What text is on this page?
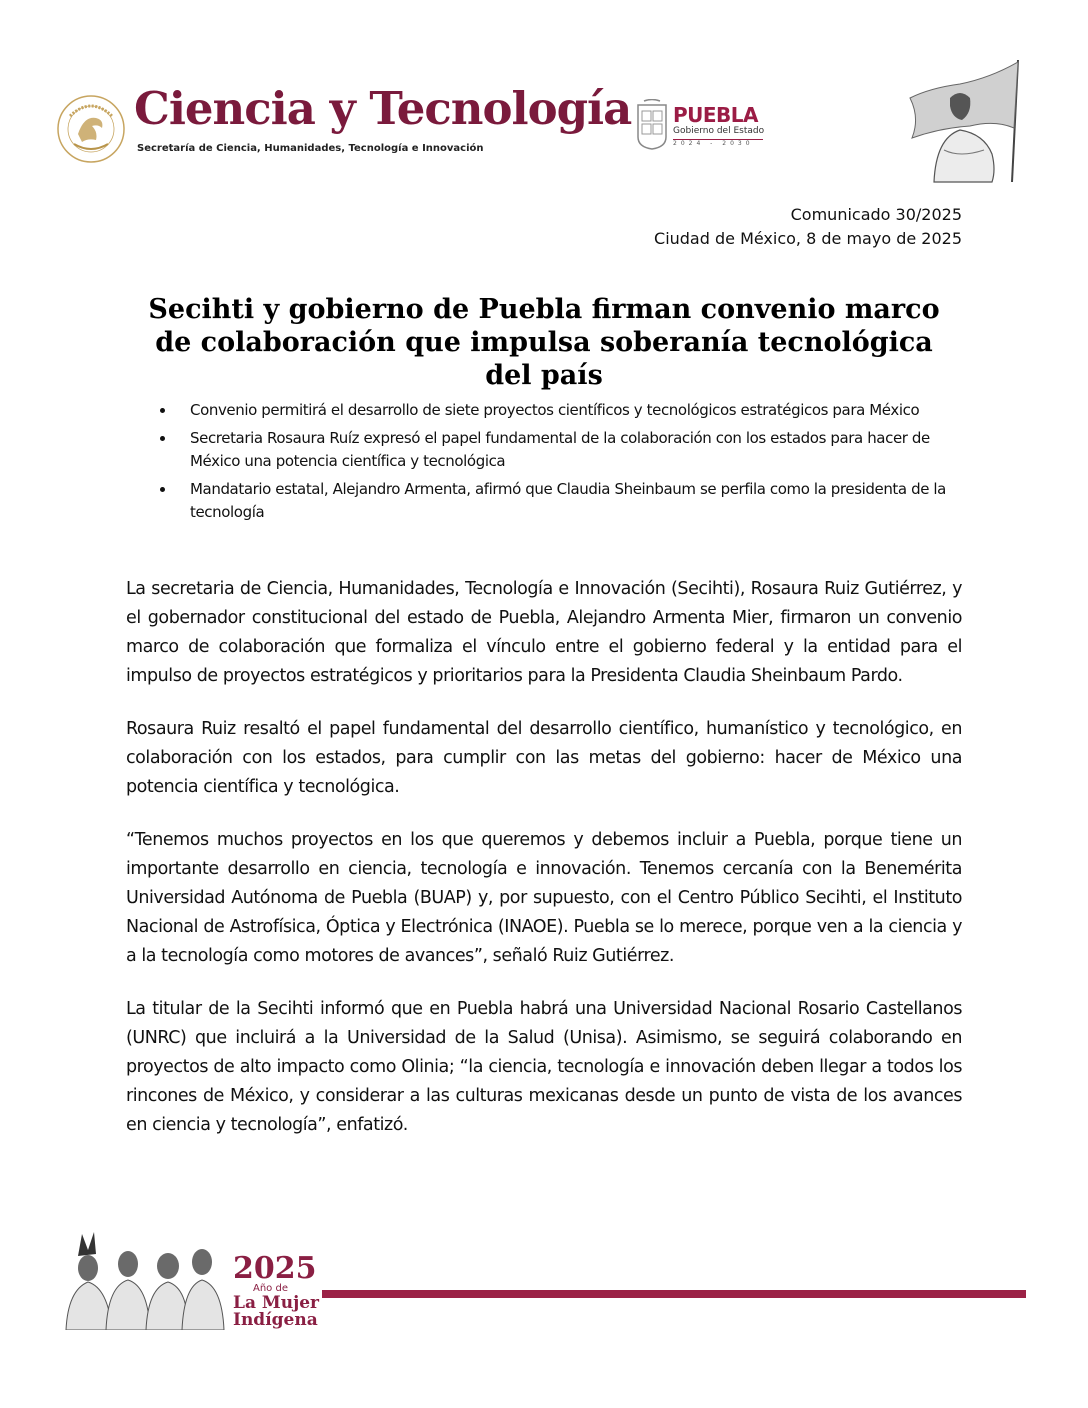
Ciencia y Tecnología
Secretaría de Ciencia, Humanidades, Tecnología e Innovación
PUEBLA
Gobierno del Estado
2024 - 2030
Comunicado 30/2025
Ciudad de México, 8 de mayo de 2025
Secihti y gobierno de Puebla firman convenio marco de colaboración que impulsa soberanía tecnológica del país
Convenio permitirá el desarrollo de siete proyectos científicos y tecnológicos estratégicos para México
Secretaria Rosaura Ruíz expresó el papel fundamental de la colaboración con los estados para hacer de México una potencia científica y tecnológica
Mandatario estatal, Alejandro Armenta, afirmó que Claudia Sheinbaum se perfila como la presidenta de la tecnología

La secretaria de Ciencia, Humanidades, Tecnología e Innovación (Secihti), Rosaura Ruiz Gutiérrez, y el gobernador constitucional del estado de Puebla, Alejandro Armenta Mier, firmaron un convenio marco de colaboración que formaliza el vínculo entre el gobierno federal y la entidad para el impulso de proyectos estratégicos y prioritarios para la Presidenta Claudia Sheinbaum Pardo.

Rosaura Ruiz resaltó el papel fundamental del desarrollo científico, humanístico y tecnológico, en colaboración con los estados, para cumplir con las metas del gobierno: hacer de México una potencia científica y tecnológica.

“Tenemos muchos proyectos en los que queremos y debemos incluir a Puebla, porque tiene un importante desarrollo en ciencia, tecnología e innovación. Tenemos cercanía con la Benemérita Universidad Autónoma de Puebla (BUAP) y, por supuesto, con el Centro Público Secihti, el Instituto Nacional de Astrofísica, Óptica y Electrónica (INAOE). Puebla se lo merece, porque ven a la ciencia y a la tecnología como motores de avances”, señaló Ruiz Gutiérrez.

La titular de la Secihti informó que en Puebla habrá una Universidad Nacional Rosario Castellanos (UNRC) que incluirá a la Universidad de la Salud (Unisa). Asimismo, se seguirá colaborando en proyectos de alto impacto como Olinia; “la ciencia, tecnología e innovación deben llegar a todos los rincones de México, y considerar a las culturas mexicanas desde un punto de vista de los avances en ciencia y tecnología”, enfatizó.

2025
Año de
La Mujer
Indígena
